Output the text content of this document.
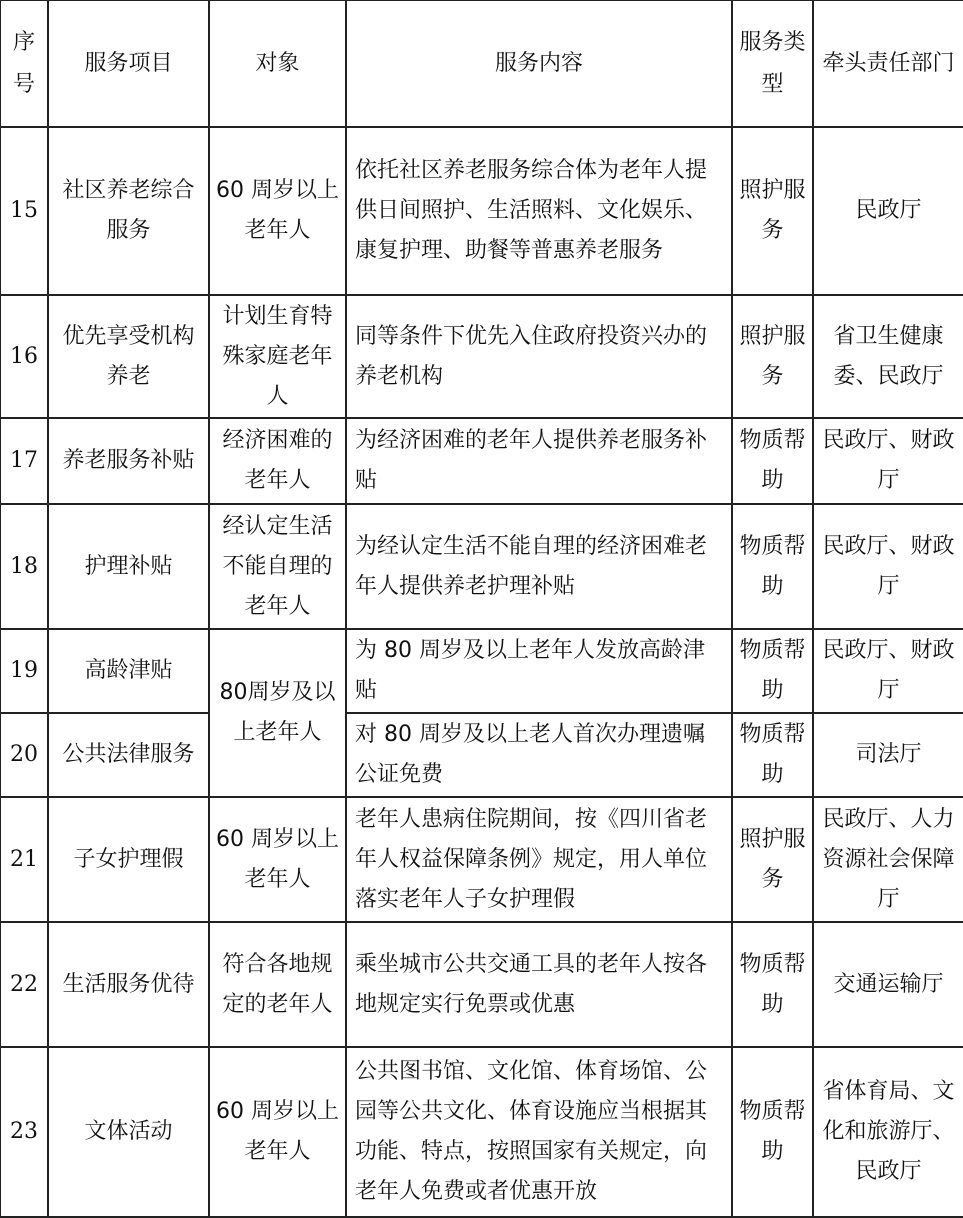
序号	服务项目	对象	服务内容	服务类型	牵头责任部门
15	社区养老综合服务	60 周岁以上老年人	依托社区养老服务综合体为老年人提供日间照护、生活照料、文化娱乐、康复护理、助餐等普惠养老服务	照护服务	民政厅
16	优先享受机构养老	计划生育特殊家庭老年人	同等条件下优先入住政府投资兴办的养老机构	照护服务	省卫生健康委、民政厅
17	养老服务补贴	经济困难的老年人	为经济困难的老年人提供养老服务补贴	物质帮助	民政厅、财政厅
18	护理补贴	经认定生活不能自理的老年人	为经认定生活不能自理的经济困难老年人提供养老护理补贴	物质帮助	民政厅、财政厅
19	高龄津贴	80周岁及以上老年人	为 80 周岁及以上老年人发放高龄津贴	物质帮助	民政厅、财政厅
20	公共法律服务		对 80 周岁及以上老人首次办理遗嘱公证免费	物质帮助	司法厅
21	子女护理假	60 周岁以上老年人	老年人患病住院期间，按《四川省老年人权益保障条例》规定，用人单位落实老年人子女护理假	照护服务	民政厅、人力资源社会保障厅
22	生活服务优待	符合各地规定的老年人	乘坐城市公共交通工具的老年人按各地规定实行免票或优惠	物质帮助	交通运输厅
23	文体活动	60 周岁以上老年人	公共图书馆、文化馆、体育场馆、公园等公共文化、体育设施应当根据其功能、特点，按照国家有关规定，向老年人免费或者优惠开放	物质帮助	省体育局、文化和旅游厅、民政厅
